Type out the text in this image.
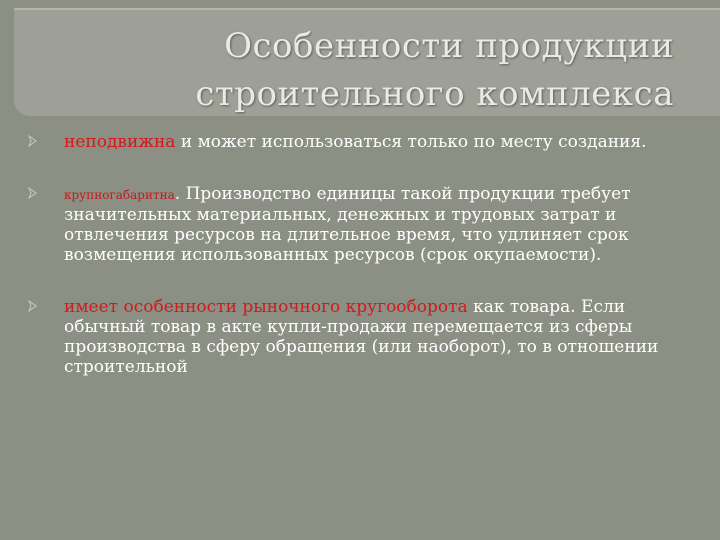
Особенности продукции
строительного комплекса
неподвижна и может использоваться только по месту создания.
крупногабаритна. Производство единицы такой продукции требует значительных материальных, денежных и трудовых затрат и отвлечения ресурсов на длительное время, что удлиняет срок возмещения использованных ресурсов (срок окупаемости).
имеет особенности рыночного кругооборота как товара. Если обычный товар в акте купли-продажи перемещается из сферы производства в сферу обращения (или наоборот), то в отношении строительной
